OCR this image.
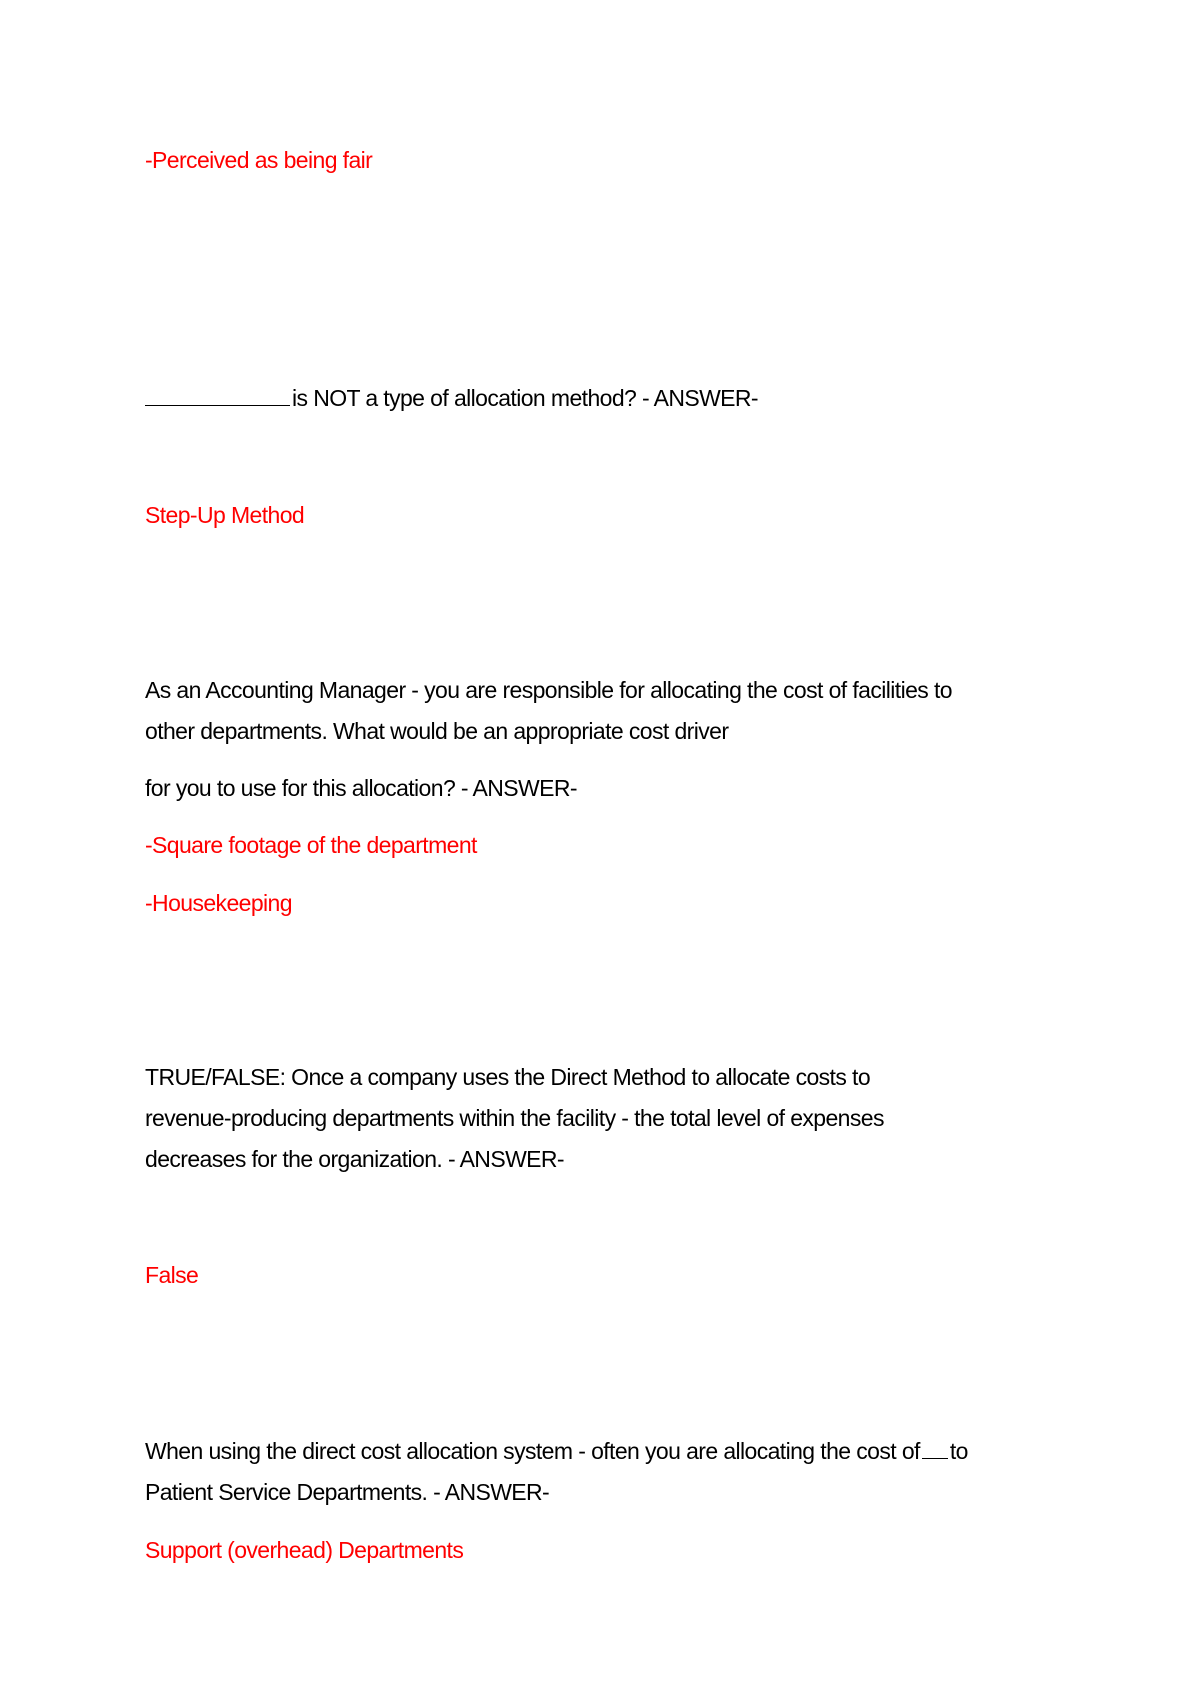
-Perceived as being fair
is NOT a type of allocation method? - ANSWER-
Step-Up Method
As an Accounting Manager - you are responsible for allocating the cost of facilities to
other departments. What would be an appropriate cost driver
for you to use for this allocation? - ANSWER-
-Square footage of the department
-Housekeeping
TRUE/FALSE: Once a company uses the Direct Method to allocate costs to
revenue-producing departments within the facility - the total level of expenses
decreases for the organization. - ANSWER-
False
When using the direct cost allocation system - often you are allocating the cost of to
Patient Service Departments. - ANSWER-
Support (overhead) Departments
